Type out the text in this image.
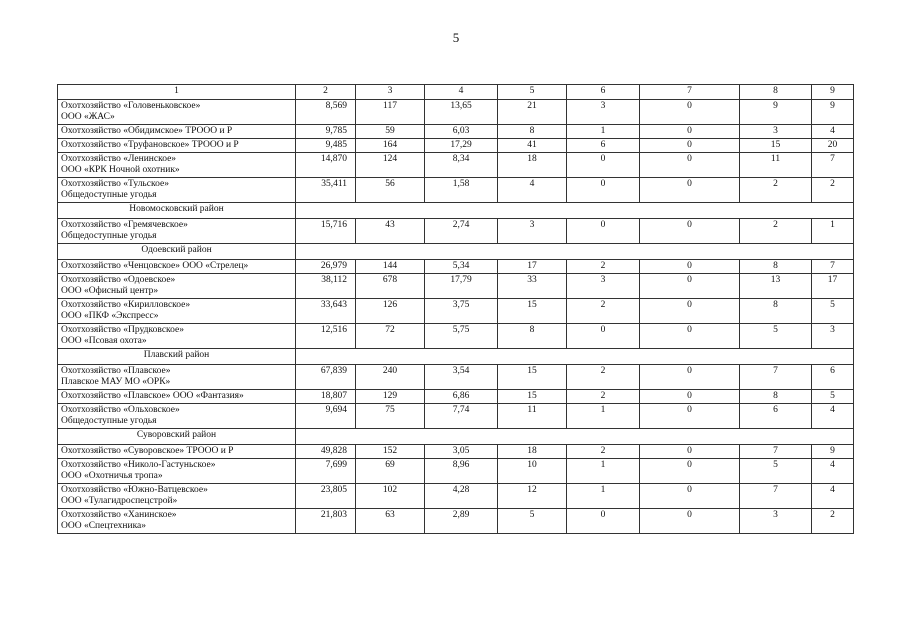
5
1	2	3	4	5	6	7	8	9

Охотхозяйство «Головеньковское»
ООО «ЖАС»	8,569	117	13,65	21	3	0	9	9

Охотхозяйство «Обидимское» ТРООО и Р	9,785	59	6,03	8	1	0	3	4

Охотхозяйство «Труфановское» ТРООО и Р	9,485	164	17,29	41	6	0	15	20

Охотхозяйство «Ленинское»
ООО «КРК Ночной охотник»	14,870	124	8,34	18	0	0	11	7

Охотхозяйство «Тульское»
Общедоступные угодья	35,411	56	1,58	4	0	0	2	2
Новомосковский район								

Охотхозяйство «Гремячевское»
Общедоступные угодья	15,716	43	2,74	3	0	0	2	1
Одоевский район								

Охотхозяйство «Ченцовское» ООО «Стрелец»	26,979	144	5,34	17	2	0	8	7

Охотхозяйство «Одоевское»
ООО «Офисный центр»	38,112	678	17,79	33	3	0	13	17

Охотхозяйство «Кирилловское»
ООО «ПКФ «Экспресс»	33,643	126	3,75	15	2	0	8	5

Охотхозяйство «Прудковское»
ООО «Псовая охота»	12,516	72	5,75	8	0	0	5	3
Плавский район								

Охотхозяйство «Плавское»
Плавское МАУ МО «ОРК»	67,839	240	3,54	15	2	0	7	6

Охотхозяйство «Плавское» ООО «Фантазия»	18,807	129	6,86	15	2	0	8	5

Охотхозяйство «Ольховское»
Общедоступные угодья	9,694	75	7,74	11	1	0	6	4
Суворовский район								

Охотхозяйство «Суворовское» ТРООО и Р	49,828	152	3,05	18	2	0	7	9

Охотхозяйство «Николо-Гастуньское»
ООО «Охотничья тропа»	7,699	69	8,96	10	1	0	5	4

Охотхозяйство «Южно-Ватцевское»
ООО «Тулагидроспецстрой»	23,805	102	4,28	12	1	0	7	4

Охотхозяйство «Ханинское»
ООО «Спецтехника»	21,803	63	2,89	5	0	0	3	2
